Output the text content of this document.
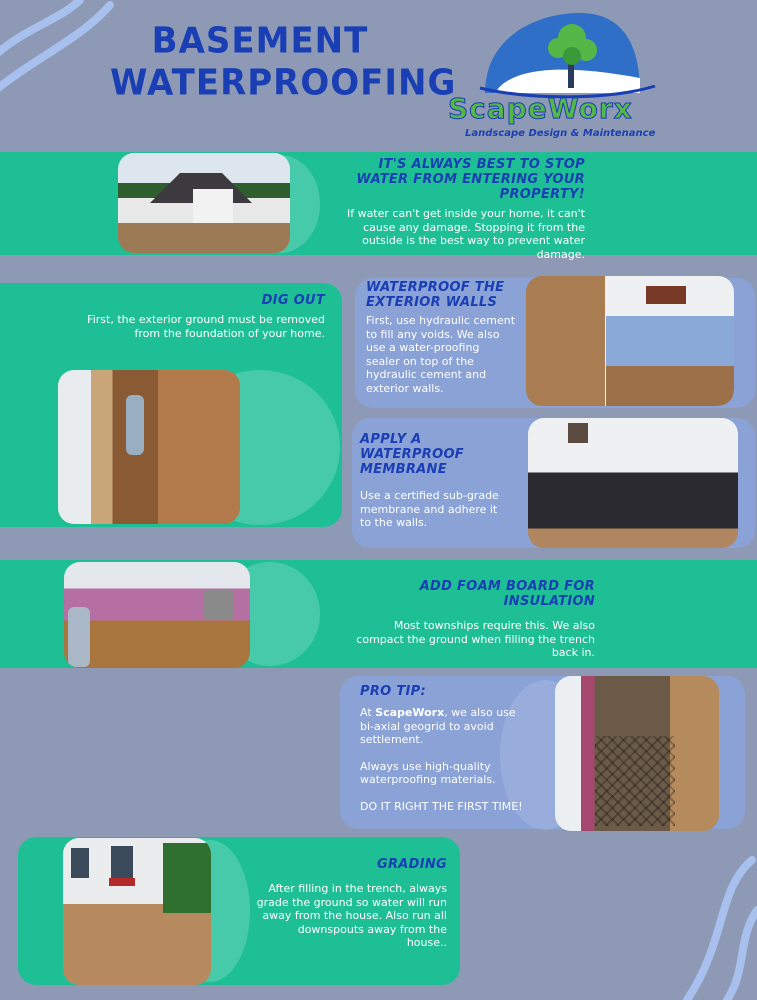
BASEMENT
WATERPROOFING
ScapeWorx
Landscape Design & Maintenance
IT'S ALWAYS BEST TO STOP WATER FROM ENTERING YOUR PROPERTY!

If water can't get inside your home, it can't cause any damage. Stopping it from the outside is the best way to prevent water damage.

DIG OUT

First, the exterior ground must be removed from the foundation of your home.

WATERPROOF THE EXTERIOR WALLS

First, use hydraulic cement to fill any voids. We also use a water-proofing sealer on top of the hydraulic cement and exterior walls.

APPLY A WATERPROOF MEMBRANE

Use a certified sub-grade membrane and adhere it to the walls.

ADD FOAM BOARD FOR INSULATION

Most townships require this. We also compact the ground when filling the trench back in.

PRO TIP:

At ScapeWorx, we also use bi-axial geogrid to avoid settlement.

Always use high-quality waterproofing materials.

DO IT RIGHT THE FIRST TIME!

GRADING

After filling in the trench, always grade the ground so water will run away from the house. Also run all downspouts away from the house..
